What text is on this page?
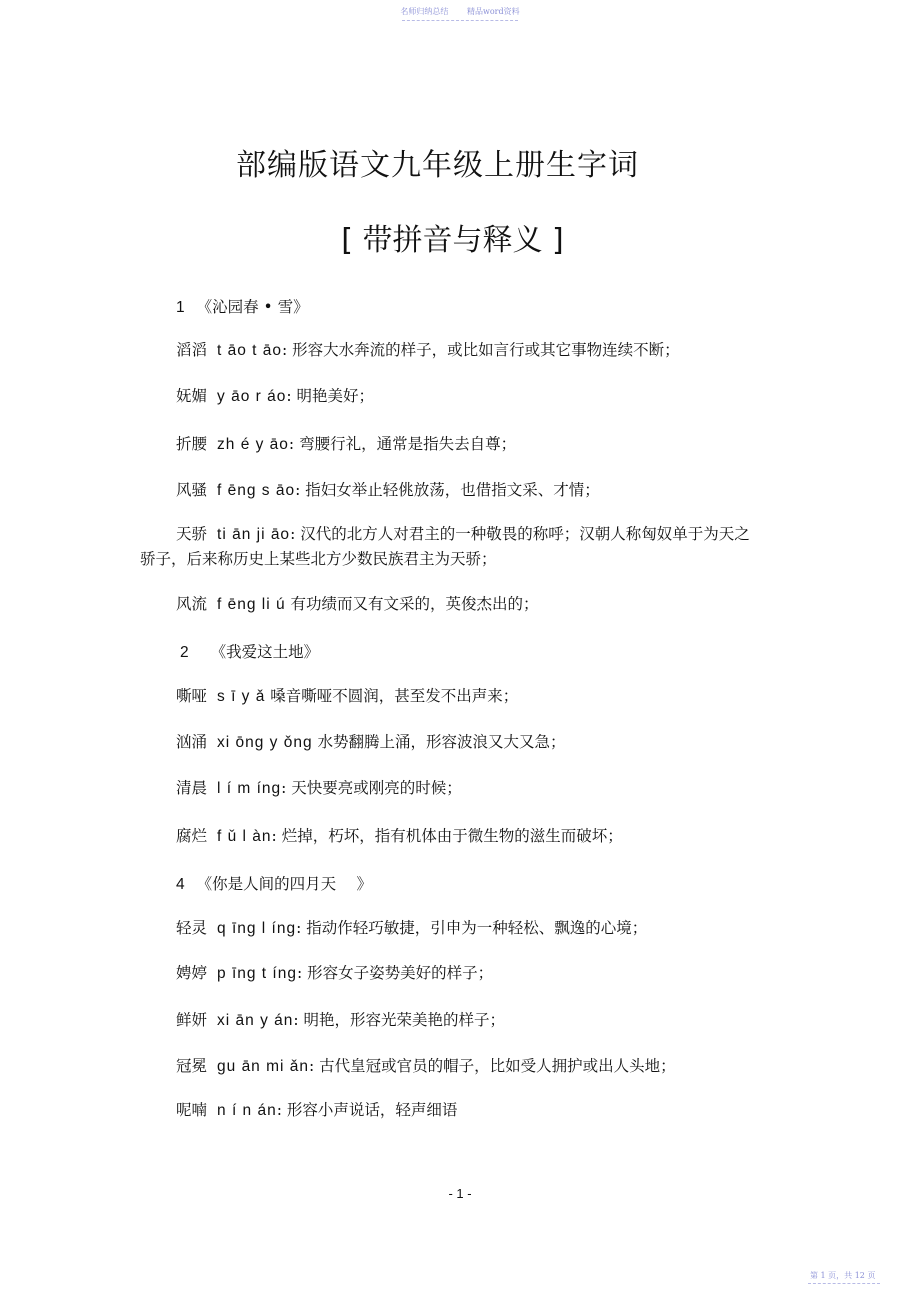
名师归纳总结 精品word资料
部编版语文九年级上册生字词
[ 带拼音与释义 ]
1 《沁园春 • 雪》
滔滔 t āo t āo: 形容大水奔流的样子，或比如言行或其它事物连续不断；
妩媚 y āo r áo: 明艳美好；
折腰 zh é y āo: 弯腰行礼，通常是指失去自尊；
风骚 f ēng s āo: 指妇女举止轻佻放荡，也借指文采、才情；
天骄 ti ān ji āo: 汉代的北方人对君主的一种敬畏的称呼；汉朝人称匈奴单于为天之骄子，后来称历史上某些北方少数民族君主为天骄；
风流 f ēng li ú 有功绩而又有文采的，英俊杰出的；
2 《我爱这土地》
嘶哑 s ī y ǎ 嗓音嘶哑不圆润，甚至发不出声来；
汹涌 xi ōng y ǒng 水势翻腾上涌，形容波浪又大又急；
清晨 l í m íng: 天快要亮或刚亮的时候；
腐烂 f ǔ l àn: 烂掉，朽坏，指有机体由于微生物的滋生而破坏；
4 《你是人间的四月天　 》
轻灵 q īng l íng: 指动作轻巧敏捷，引申为一种轻松、飘逸的心境；
娉婷 p īng t íng: 形容女子姿势美好的样子；
鲜妍 xi ān y án: 明艳，形容光荣美艳的样子；
冠冕 gu ān mi ǎn: 古代皇冠或官员的帽子，比如受人拥护或出人头地；
呢喃 n í n án: 形容小声说话，轻声细语
- 1 -
第 1 页，共 12 页
